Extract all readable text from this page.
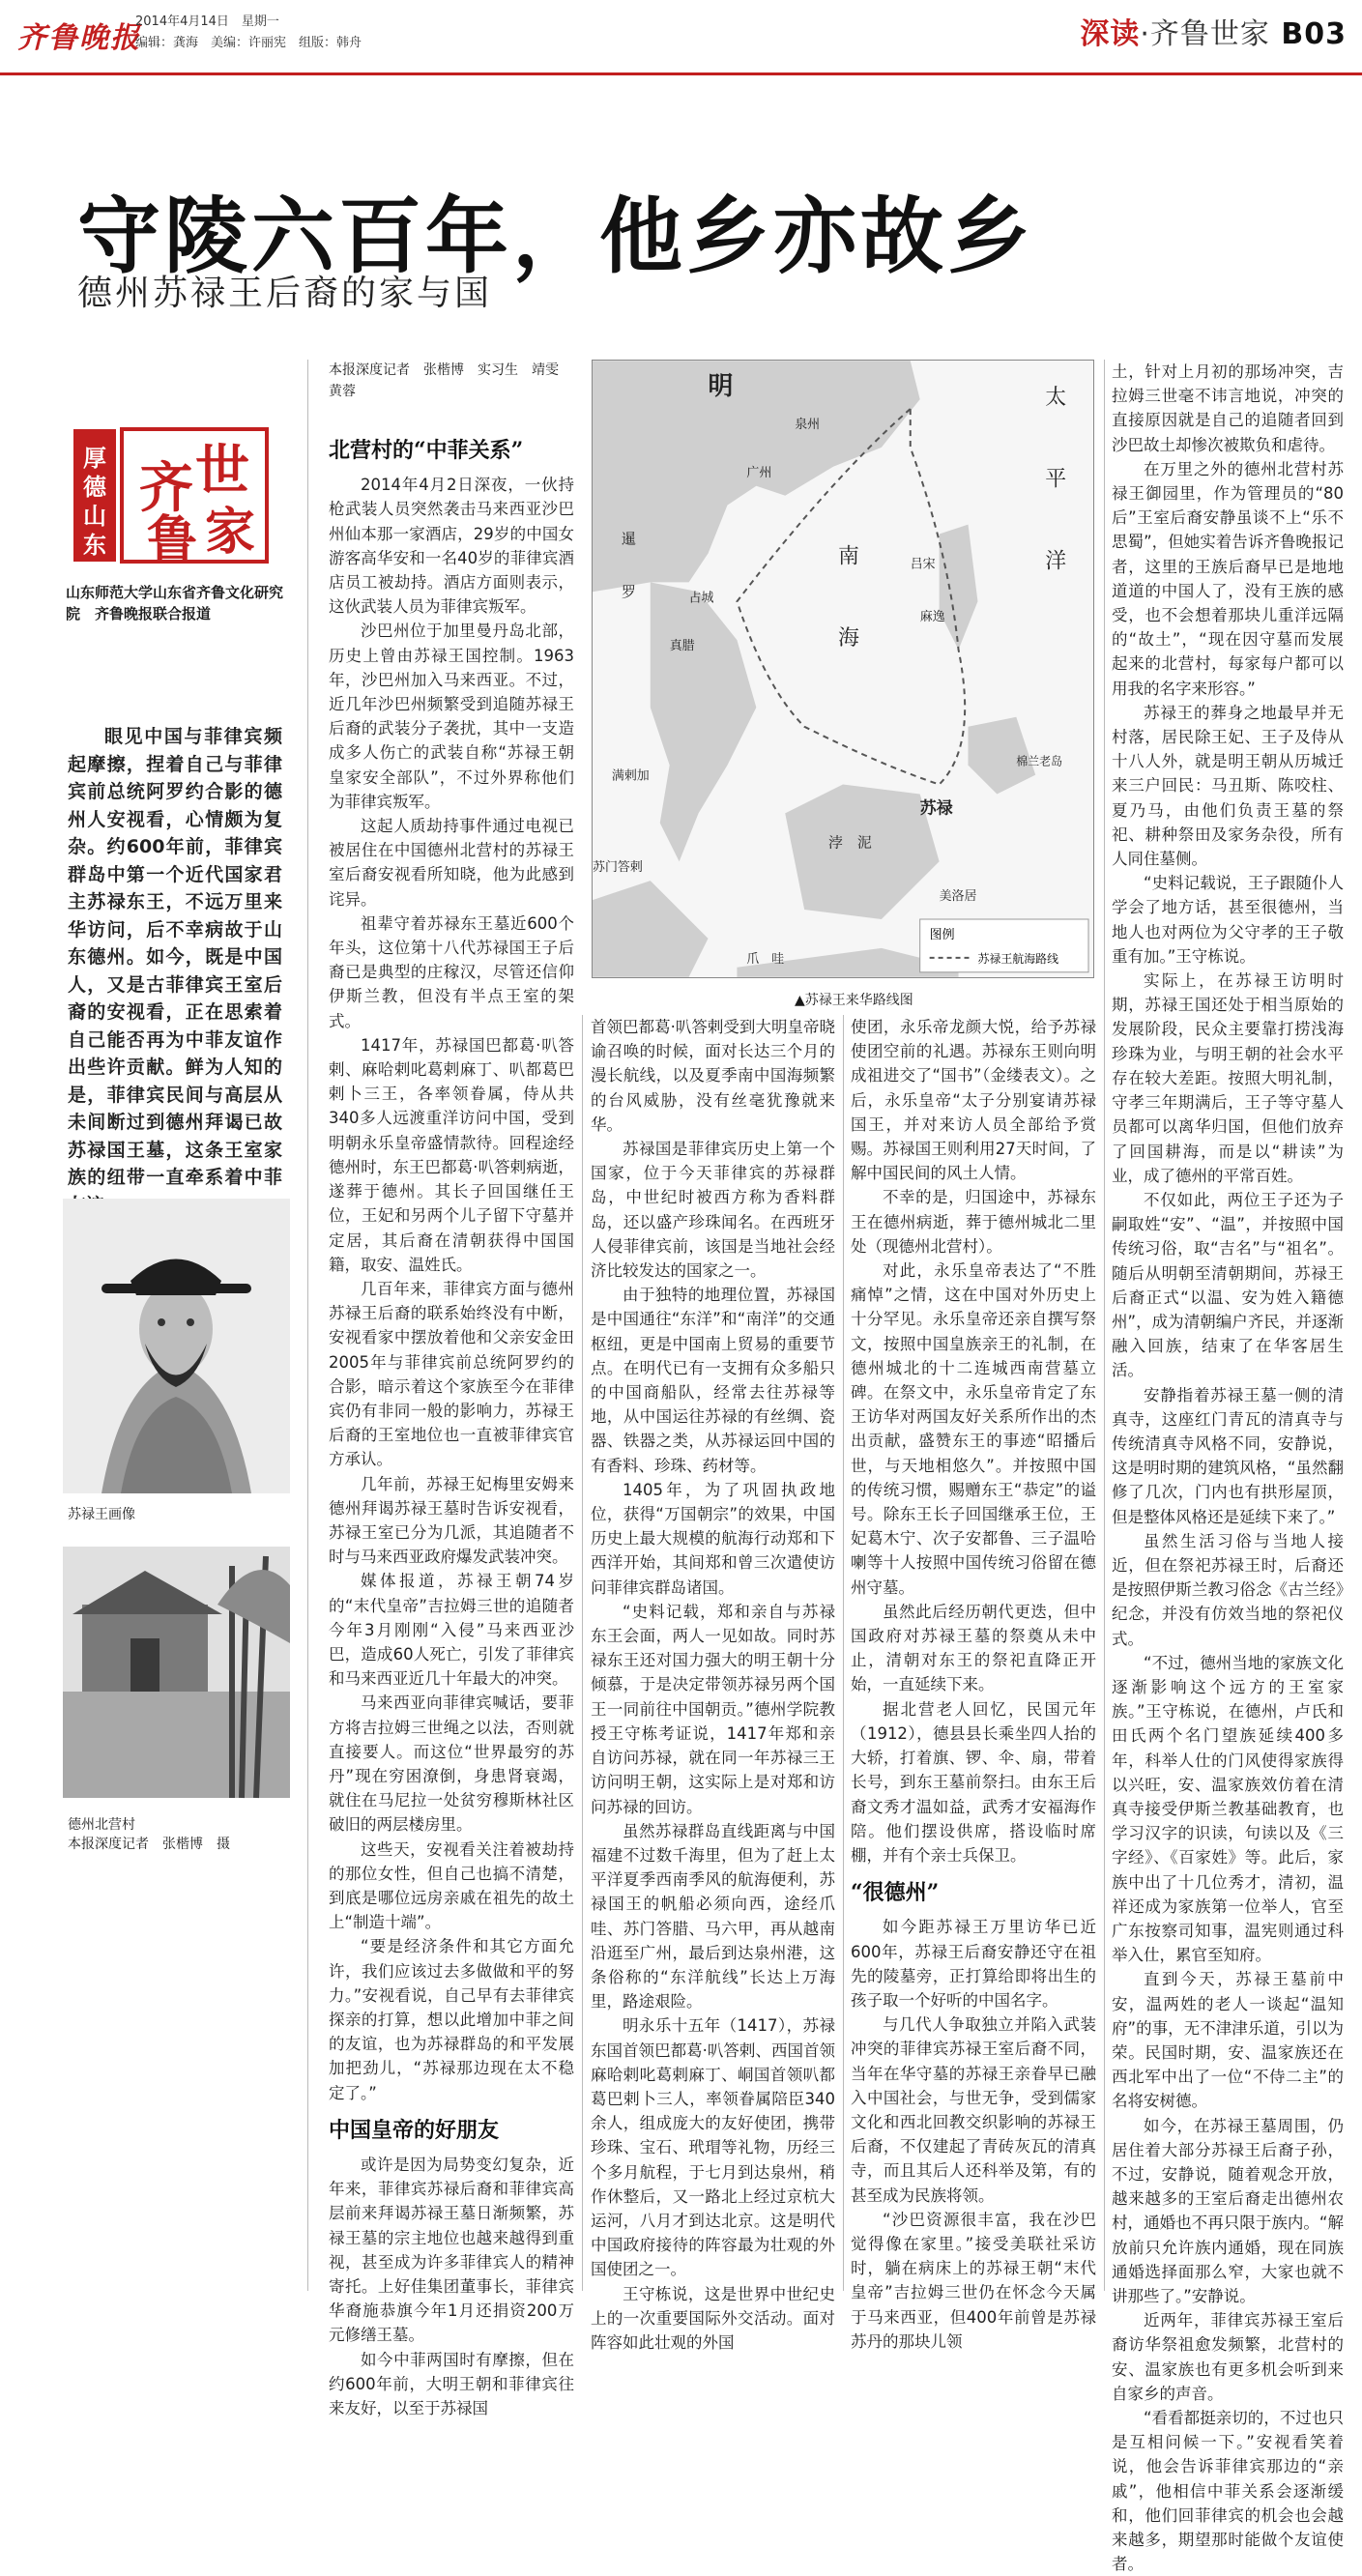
齐鲁晚报
2014年4月14日　星期一
编辑：龚海　美编：许丽宪　组版：韩舟	深读·齐鲁世家 B03
守陵六百年，他乡亦故乡
德州苏禄王后裔的家与国
厚
德
山
东
世
齐
家
鲁
山东师范大学山东省齐鲁文化研究院　齐鲁晚报联合报道

眼见中国与菲律宾频起摩擦，捏着自己与菲律宾前总统阿罗约合影的德州人安视看，心情颇为复杂。约600年前，菲律宾群岛中第一个近代国家君主苏禄东王，不远万里来华访问，后不幸病故于山东德州。如今，既是中国人，又是古菲律宾王室后裔的安视看，正在思索着自己能否再为中菲友谊作出些许贡献。鲜为人知的是，菲律宾民间与高层从未间断过到德州拜谒已故苏禄国王墓，这条王室家族的纽带一直牵系着中菲

苏禄王画像
德州北营村
本报深度记者　张楷博　摄
本报深度记者　张楷博　实习生　靖雯　黄蓉
北营村的“中菲关系”

2014年4月2日深夜，一伙持枪武装人员突然袭击马来西亚沙巴州仙本那一家酒店，29岁的中国女游客高华安和一名40岁的菲律宾酒店员工被劫持。酒店方面则表示，这伙武装人员为菲律宾叛军。

沙巴州位于加里曼丹岛北部，历史上曾由苏禄王国控制。1963年，沙巴州加入马来西亚。不过，近几年沙巴州频繁受到追随苏禄王后裔的武装分子袭扰，其中一支造成多人伤亡的武装自称“苏禄王朝皇家安全部队”，不过外界称他们为菲律宾叛军。

这起人质劫持事件通过电视已被居住在中国德州北营村的苏禄王室后裔安视看所知晓，他为此感到诧异。

祖辈守着苏禄东王墓近600个年头，这位第十八代苏禄国王子后裔已是典型的庄稼汉，尽管还信仰伊斯兰教，但没有半点王室的架式。

1417年，苏禄国巴都葛·叭答剌、麻哈剌叱葛剌麻丁、叭都葛巴剌卜三王，各率领眷属，侍从共340多人远渡重洋访问中国，受到明朝永乐皇帝盛情款待。回程途经德州时，东王巴都葛·叭答剌病逝，遂葬于德州。其长子回国继任王位，王妃和另两个儿子留下守墓并定居，其后裔在清朝获得中国国籍，取安、温姓氏。

几百年来，菲律宾方面与德州苏禄王后裔的联系始终没有中断，安视看家中摆放着他和父亲安金田2005年与菲律宾前总统阿罗约的合影，暗示着这个家族至今在菲律宾仍有非同一般的影响力，苏禄王后裔的王室地位也一直被菲律宾官方承认。

几年前，苏禄王妃梅里安姆来德州拜谒苏禄王墓时告诉安视看，苏禄王室已分为几派，其追随者不时与马来西亚政府爆发武装冲突。

媒体报道，苏禄王朝74岁的“末代皇帝”吉拉姆三世的追随者今年3月刚刚“入侵”马来西亚沙巴，造成60人死亡，引发了菲律宾和马来西亚近几十年最大的冲突。

马来西亚向菲律宾喊话，要菲方将吉拉姆三世绳之以法，否则就直接要人。而这位“世界最穷的苏丹”现在穷困潦倒，身患肾衰竭，就住在马尼拉一处贫穷穆斯林社区破旧的两层楼房里。

这些天，安视看关注着被劫持的那位女性，但自己也搞不清楚，到底是哪位远房亲戚在祖先的故土上“制造十端”。

“要是经济条件和其它方面允许，我们应该过去多做做和平的努力。”安视看说，自己早有去菲律宾探亲的打算，想以此增加中菲之间的友谊，也为苏禄群岛的和平发展加把劲儿，“苏禄那边现在太不稳定了。”

中国皇帝的好朋友

或许是因为局势变幻复杂，近年来，菲律宾苏禄后裔和菲律宾高层前来拜谒苏禄王墓日渐频繁，苏禄王墓的宗主地位也越来越得到重视，甚至成为许多菲律宾人的精神寄托。上好佳集团董事长，菲律宾华裔施恭旗今年1月还捐资200万元修缮王墓。

如今中菲两国时有摩擦，但在约600年前，大明王朝和菲律宾往来友好，以至于苏禄国

明	太
平
洋
广州
泉州
吕宋
麻逸
暹
罗	占城
真腊
南
海
满剌加
苏门答剌
浡　泥
苏禄
棉兰老岛
美洛居
爪　哇
图例
苏禄王航海路线
▲苏禄王来华路线图

首领巴都葛·叭答剌受到大明皇帝晓谕召唤的时候，面对长达三个月的漫长航线，以及夏季南中国海频繁的台风威胁，没有丝毫犹豫就来华。

苏禄国是菲律宾历史上第一个国家，位于今天菲律宾的苏禄群岛，中世纪时被西方称为香料群岛，还以盛产珍珠闻名。在西班牙人侵菲律宾前，该国是当地社会经济比较发达的国家之一。

由于独特的地理位置，苏禄国是中国通往“东洋”和“南洋”的交通枢纽，更是中国南上贸易的重要节点。在明代已有一支拥有众多船只的中国商船队，经常去往苏禄等地，从中国运往苏禄的有丝绸、瓷器、铁器之类，从苏禄运回中国的有香料、珍珠、药材等。

1405年，为了巩固执政地位，获得“万国朝宗”的效果，中国历史上最大规模的航海行动郑和下西洋开始，其间郑和曾三次遣使访问菲律宾群岛诸国。

“史料记载，郑和亲自与苏禄东王会面，两人一见如故。同时苏禄东王还对国力强大的明王朝十分倾慕，于是决定带领苏禄另两个国王一同前往中国朝贡。”德州学院教授王守栋考证说，1417年郑和亲自访问苏禄，就在同一年苏禄三王访问明王朝，这实际上是对郑和访问苏禄的回访。

虽然苏禄群岛直线距离与中国福建不过数千海里，但为了赶上太平洋夏季西南季风的航海便利，苏禄国王的帆船必须向西，途经爪哇、苏门答腊、马六甲，再从越南沿逛至广州，最后到达泉州港，这条俗称的“东洋航线”长达上万海里，路途艰险。

明永乐十五年（1417），苏禄东国首领巴都葛·叭答剌、西国首领麻哈剌叱葛剌麻丁、峒国首领叭都葛巴剌卜三人，率领眷属陪臣340余人，组成庞大的友好使团，携带珍珠、宝石、玳瑁等礼物，历经三个多月航程，于七月到达泉州，稍作休整后，又一路北上经过京杭大运河，八月才到达北京。这是明代中国政府接待的阵容最为壮观的外国使团之一。

王守栋说，这是世界中世纪史上的一次重要国际外交活动。面对阵容如此壮观的外国

使团，永乐帝龙颜大悦，给予苏禄使团空前的礼遇。苏禄东王则向明成祖进交了“国书”（金缕表文）。之后，永乐皇帝“太子分别宴请苏禄国王，并对来访人员全部给予赏赐。苏禄国王则利用27天时间，了解中国民间的风土人情。

不幸的是，归国途中，苏禄东王在德州病逝，葬于德州城北二里处（现德州北营村）。

对此，永乐皇帝表达了“不胜痛悼”之情，这在中国对外历史上十分罕见。永乐皇帝还亲自撰写祭文，按照中国皇族亲王的礼制，在德州城北的十二连城西南营墓立碑。在祭文中，永乐皇帝肯定了东王访华对两国友好关系所作出的杰出贡献，盛赞东王的事迹“昭播后世，与天地相悠久”。并按照中国的传统习惯，赐赠东王“恭定”的谥号。除东王长子回国继承王位，王妃葛木宁、次子安都鲁、三子温哈喇等十人按照中国传统习俗留在德州守墓。

虽然此后经历朝代更迭，但中国政府对苏禄王墓的祭奠从未中止，清朝对东王的祭祀直降正开始，一直延续下来。

据北营老人回忆，民国元年（1912），德县县长乘坐四人抬的大轿，打着旗、锣、伞、扇，带着长号，到东王墓前祭扫。由东王后裔文秀才温如益，武秀才安福海作陪。他们摆设供席，搭设临时席棚，并有个亲士兵保卫。

“很德州”

如今距苏禄王万里访华已近600年，苏禄王后裔安静还守在祖先的陵墓旁，正打算给即将出生的孩子取一个好听的中国名字。

与几代人争取独立并陷入武装冲突的菲律宾苏禄王室后裔不同，当年在华守墓的苏禄王亲眷早已融入中国社会，与世无争，受到儒家文化和西北回教交织影响的苏禄王后裔，不仅建起了青砖灰瓦的清真寺，而且其后人还科举及第，有的甚至成为民族将领。

“沙巴资源很丰富，我在沙巴觉得像在家里。”接受美联社采访时，躺在病床上的苏禄王朝“末代皇帝”吉拉姆三世仍在怀念今天属于马来西亚，但400年前曾是苏禄苏丹的那块儿领

土，针对上月初的那场冲突，吉拉姆三世毫不讳言地说，冲突的直接原因就是自己的追随者回到沙巴故土却惨次被欺负和虐待。

在万里之外的德州北营村苏禄王御园里，作为管理员的“80后”王室后裔安静虽谈不上“乐不思蜀”，但她实着告诉齐鲁晚报记者，这里的王族后裔早已是地地道道的中国人了，没有王族的感受，也不会想着那块儿重洋远隔的“故土”，“现在因守墓而发展起来的北营村，每家每户都可以用我的名字来形容。”

苏禄王的葬身之地最早并无村落，居民除王妃、王子及侍从十八人外，就是明王朝从历城迁来三户回民：马丑斯、陈咬柱、夏乃马，由他们负责王墓的祭祀、耕种祭田及家务杂役，所有人同住墓侧。

“史料记载说，王子跟随仆人学会了地方话，甚至很德州，当地人也对两位为父守孝的王子敬重有加。”王守栋说。

实际上，在苏禄王访明时期，苏禄王国还处于相当原始的发展阶段，民众主要靠打捞浅海珍珠为业，与明王朝的社会水平存在较大差距。按照大明礼制，守孝三年期满后，王子等守墓人员都可以离华归国，但他们放弃了回国耕海，而是以“耕读”为业，成了德州的平常百姓。

不仅如此，两位王子还为子嗣取姓“安”、“温”，并按照中国传统习俗，取“吉名”与“祖名”。随后从明朝至清朝期间，苏禄王后裔正式“以温、安为姓入籍德州”，成为清朝编户齐民，并逐渐融入回族，结束了在华客居生活。

安静指着苏禄王墓一侧的清真寺，这座红门青瓦的清真寺与传统清真寺风格不同，安静说，这是明时期的建筑风格，“虽然翻修了几次，门内也有拱形屋顶，但是整体风格还是延续下来了。”

虽然生活习俗与当地人接近，但在祭祀苏禄王时，后裔还是按照伊斯兰教习俗念《古兰经》纪念，并没有仿效当地的祭祀仪式。

“不过，德州当地的家族文化逐渐影响这个远方的王室家族。”王守栋说，在德州，卢氏和田氏两个名门望族延续400多年，科举人仕的门风使得家族得以兴旺，安、温家族效仿着在清真寺接受伊斯兰教基础教育，也学习汉字的识读，句读以及《三字经》、《百家姓》等。此后，家族中出了十几位秀才，清初，温祥还成为家族第一位举人，官至广东按察司知事，温宪则通过科举入仕，累官至知府。

直到今天，苏禄王墓前中安，温两姓的老人一谈起“温知府”的事，无不津津乐道，引以为荣。民国时期，安、温家族还在西北军中出了一位“不侍二主”的名将安树德。

如今，在苏禄王墓周围，仍居住着大部分苏禄王后裔子孙，不过，安静说，随着观念开放，越来越多的王室后裔走出德州农村，通婚也不再只限于族内。“解放前只允许族内通婚，现在同族通婚选择面那么窄，大家也就不讲那些了。”安静说。

近两年，菲律宾苏禄王室后裔访华祭祖愈发频繁，北营村的安、温家族也有更多机会听到来自家乡的声音。

“看看都挺亲切的，不过也只是互相问候一下。”安视看笑着说，他会告诉菲律宾那边的“亲戚”，他相信中菲关系会逐渐缓和，他们回菲律宾的机会也会越来越多，期望那时能做个友谊使者。
